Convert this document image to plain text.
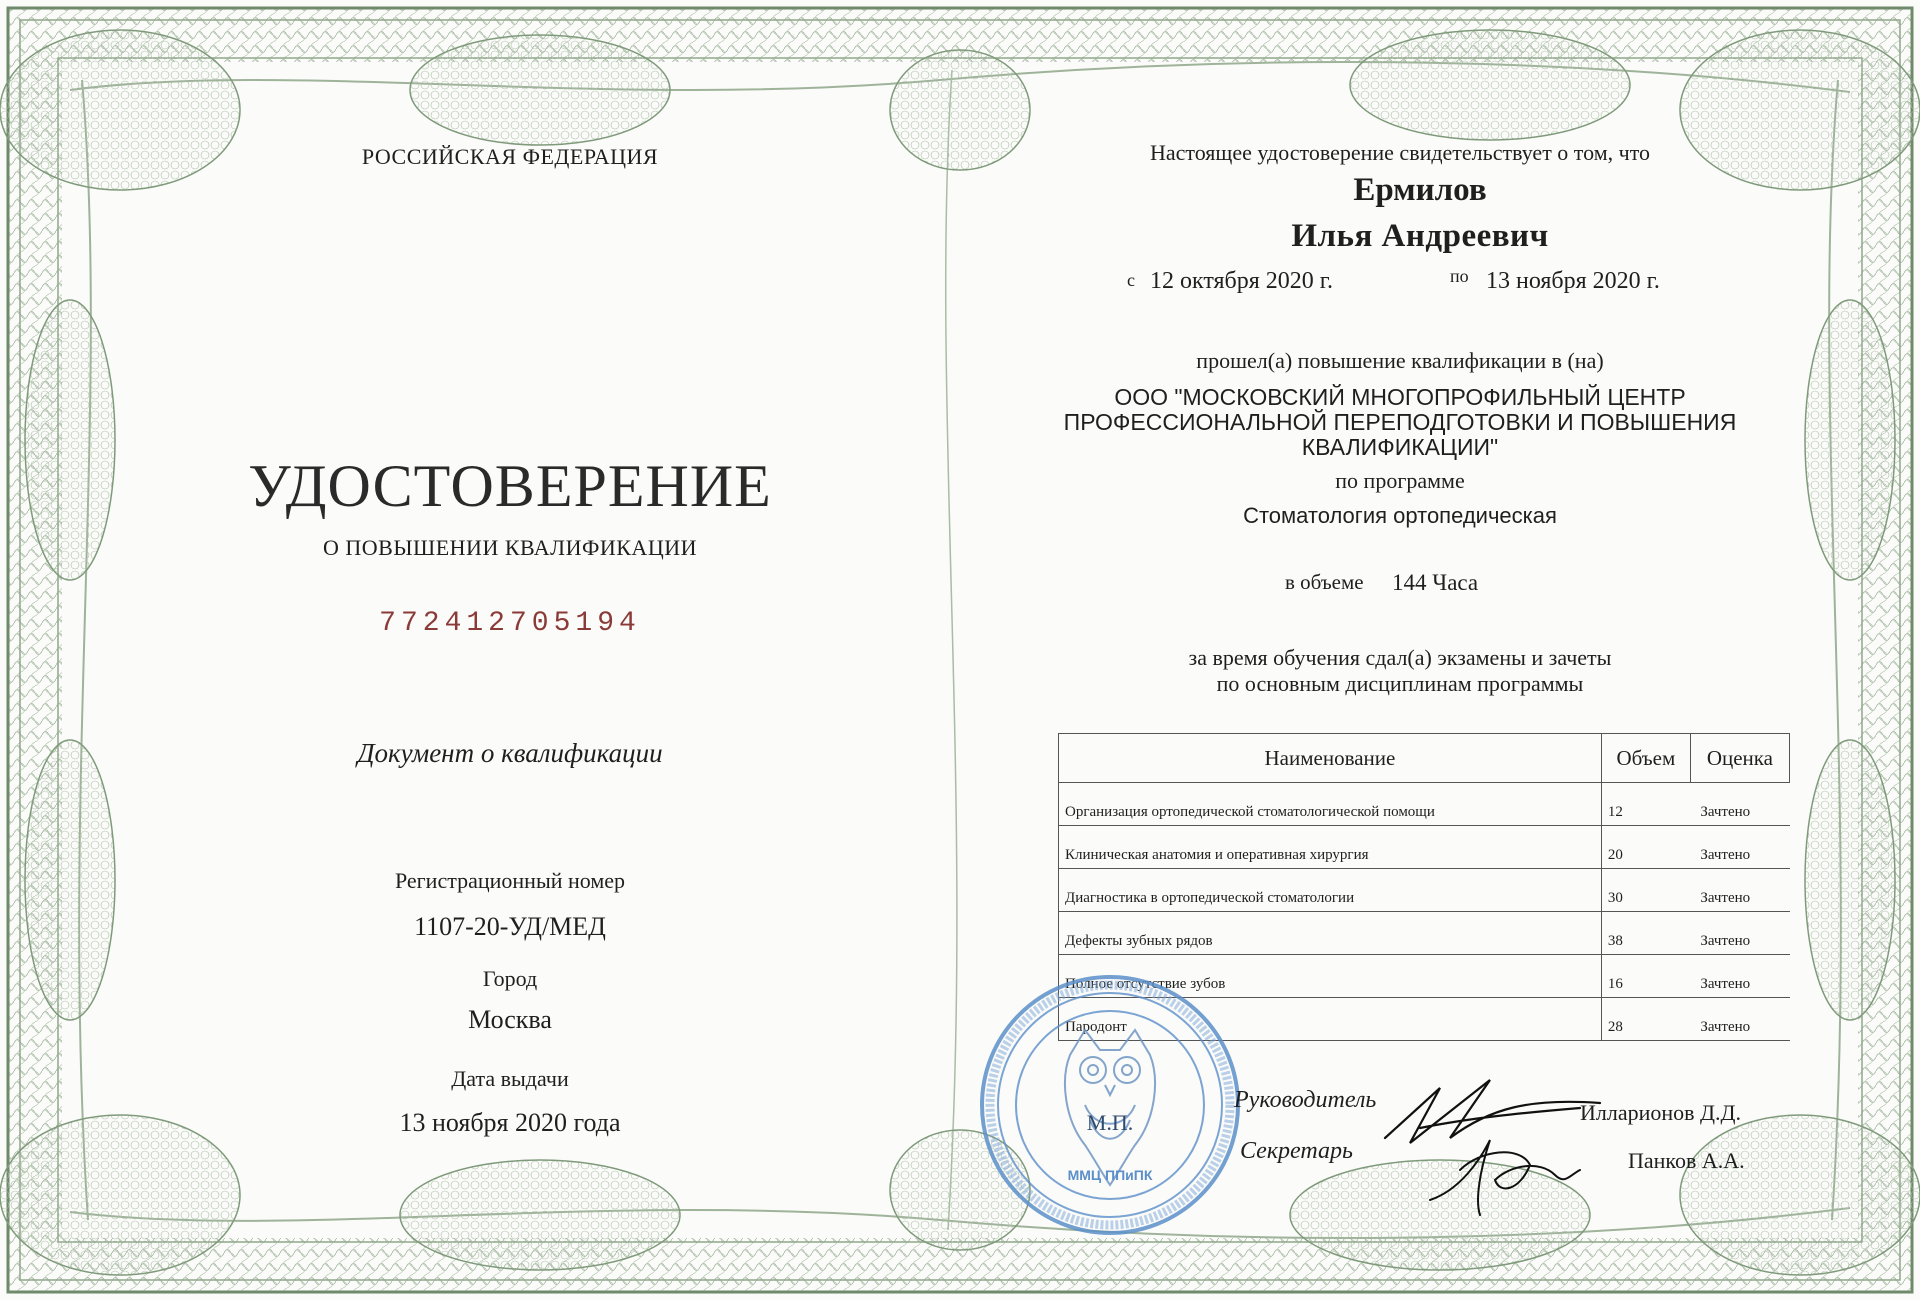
РОССИЙСКАЯ ФЕДЕРАЦИЯ
УДОСТОВЕРЕНИЕ
О ПОВЫШЕНИИ КВАЛИФИКАЦИИ
772412705194
Документ о квалификации
Регистрационный номер
1107-20-УД/МЕД
Город
Москва
Дата выдачи
13 ноября 2020 года
Настоящее удостоверение свидетельствует о том, что
Ермилов
Илья Андреевич
с 12 октября 2020 г.	по 13 ноября 2020 г.
прошел(а) повышение квалификации в (на)
ООО "МОСКОВСКИЙ МНОГОПРОФИЛЬНЫЙ ЦЕНТР ПРОФЕССИОНАЛЬНОЙ ПЕРЕПОДГОТОВКИ И ПОВЫШЕНИЯ КВАЛИФИКАЦИИ"
по программе
Стоматология ортопедическая
в объеме 144 Часа
за время обучения сдал(а) экзамены и зачеты
по основным дисциплинам программы
Наименование	Объем	Оценка
Организация ортопедической стоматологической помощи	12	Зачтено
Клиническая анатомия и оперативная хирургия	20	Зачтено
Диагностика в ортопедической стоматологии	30	Зачтено
Дефекты зубных рядов	38	Зачтено
Полное отсутствие зубов	16	Зачтено
Пародонт	28	Зачтено
М.П.
ММЦ ППиПК
Руководитель	Илларионов Д.Д.
Секретарь	Панков А.А.
